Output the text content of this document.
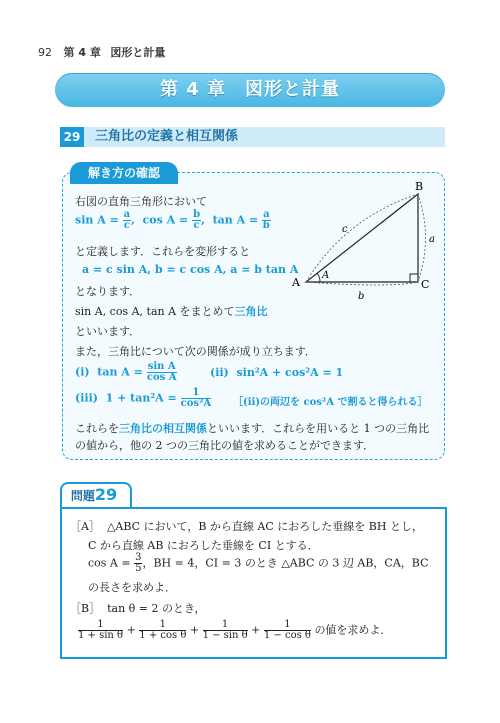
92 第 4 章 図形と計量
第 4 章　図形と計量
29 三角比の定義と相互関係
解き方の確認
右図の直角三角形において
$\sin A = \frac{a}{c}$ ,  $\cos A = \frac{b}{c}$ ,  $\tan A = \frac{a}{b}$
と定義します．これらを変形すると
a = c sin A, b = c cos A, a = b tan A
となります．
sin A, cos A, tan A をまとめて三角比
といいます．
また，三角比について次の関係が成り立ちます．
(ⅰ) $\tan A = \frac{\text{sin A}}{\text{cos A}}$	(ⅱ) sin²A + cos²A = 1
(ⅲ) $1 + \tan^2A = \frac{1}{\text{cos²A}}$ ［(ⅱ)の両辺を cos²A で割ると得られる］
これらを三角比の相互関係といいます．これらを用いると 1 つの三角比
の値から，他の 2 つの三角比の値を求めることができます．
B
A	C
A
a
b
c
問題29
［A］ △ABC において，B から直線 AC におろした垂線を BH とし，
C から直線 AB におろした垂線を CI とする．
$\cos A = \frac{3}{5}$ ，BH = 4，CI = 3 のとき △ABC の 3 辺 AB，CA，BC
の長さを求めよ．
［B］ tan θ = 2 のとき，
$\frac{1}{\text{1 + sin θ}} + \frac{1}{\text{1 + cos θ}} + \frac{1}{\text{1 − sin θ}} + \frac{1}{\text{1 − cos θ}}$ の値を求めよ．
